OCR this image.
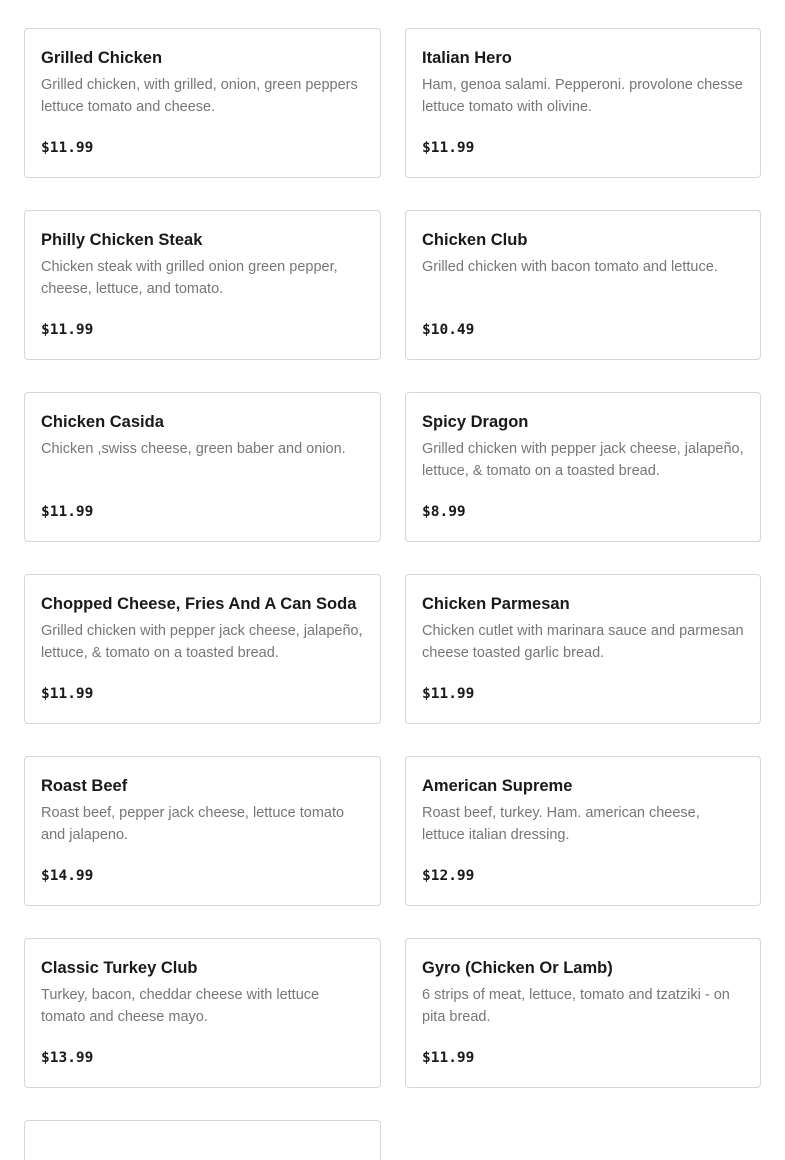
Grilled Chicken
Grilled chicken, with grilled, onion, green peppers lettuce tomato and cheese.
$11.99
Italian Hero
Ham, genoa salami. Pepperoni. provolone chesse lettuce tomato with olivine.
$11.99
Philly Chicken Steak
Chicken steak with grilled onion green pepper, cheese, lettuce, and tomato.
$11.99
Chicken Club
Grilled chicken with bacon tomato and lettuce.
$10.49
Chicken Casida
Chicken ,swiss cheese, green baber and onion.
$11.99
Spicy Dragon
Grilled chicken with pepper jack cheese, jalapeño, lettuce, & tomato on a toasted bread.
$8.99
Chopped Cheese, Fries And A Can Soda
Grilled chicken with pepper jack cheese, jalapeño, lettuce, & tomato on a toasted bread.
$11.99
Chicken Parmesan
Chicken cutlet with marinara sauce and parmesan cheese toasted garlic bread.
$11.99
Roast Beef
Roast beef, pepper jack cheese, lettuce tomato and jalapeno.
$14.99
American Supreme
Roast beef, turkey. Ham. american cheese, lettuce italian dressing.
$12.99
Classic Turkey Club
Turkey, bacon, cheddar cheese with lettuce tomato and cheese mayo.
$13.99
Gyro (Chicken Or Lamb)
6 strips of meat, lettuce, tomato and tzatziki - on pita bread.
$11.99
